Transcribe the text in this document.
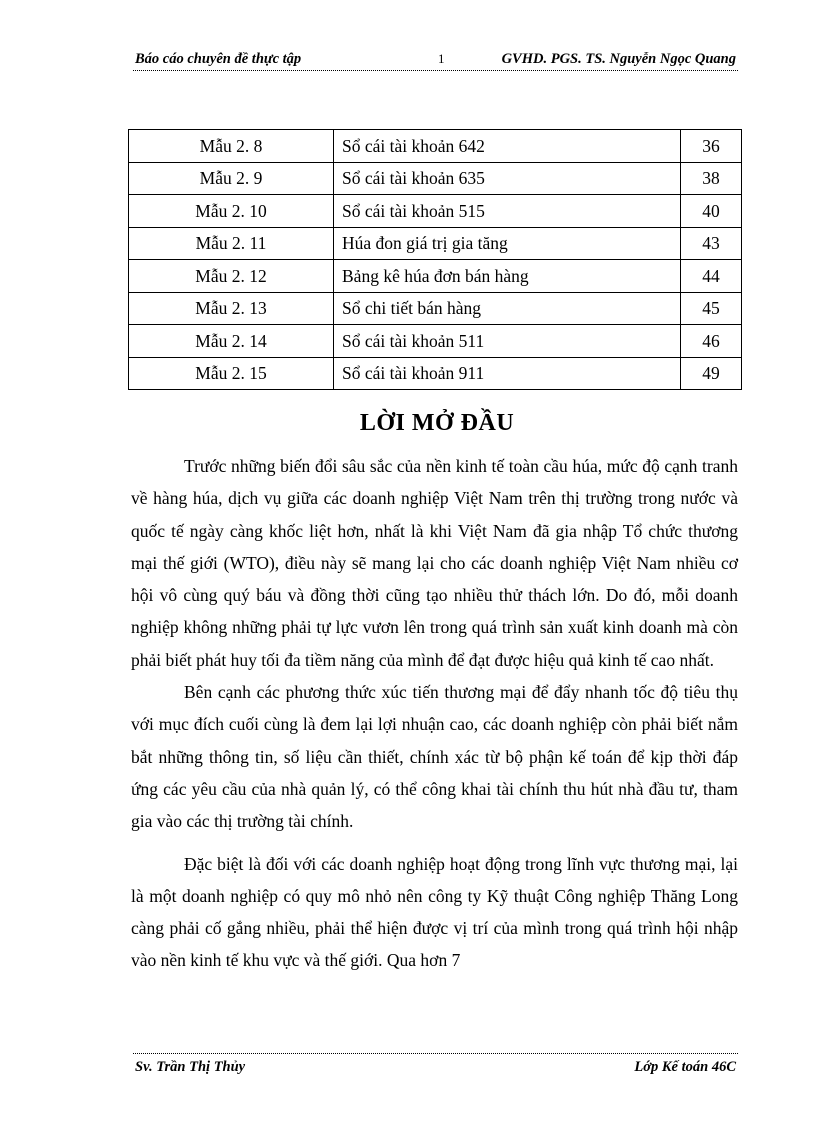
Báo cáo chuyên đề thực tập	1	GVHD. PGS. TS. Nguyễn Ngọc Quang
Mẫu 2. 8	Sổ cái tài khoản 642	36
Mẫu 2. 9	Sổ cái tài khoản 635	38
Mẫu 2. 10	Sổ cái tài khoản 515	40
Mẫu 2. 11	Húa đon giá trị gia tăng	43
Mẫu 2. 12	Bảng kê húa đơn bán hàng	44
Mẫu 2. 13	Sổ chi tiết bán hàng	45
Mẫu 2. 14	Sổ cái tài khoản 511	46
Mẫu 2. 15	Sổ cái tài khoản 911	49
LỜI MỞ ĐẦU

Trước những biến đổi sâu sắc của nền kinh tế toàn cầu húa, mức độ cạnh tranh về hàng húa, dịch vụ giữa các doanh nghiệp Việt Nam trên thị trường trong nước và quốc tế ngày càng khốc liệt hơn, nhất là khi Việt Nam đã gia nhập Tổ chức thương mại thế giới (WTO), điều này sẽ mang lại cho các doanh nghiệp Việt Nam nhiều cơ hội vô cùng quý báu và đồng thời cũng tạo nhiều thử thách lớn. Do đó, mỗi doanh nghiệp không những phải tự lực vươn lên trong quá trình sản xuất kinh doanh mà còn phải biết phát huy tối đa tiềm năng của mình để đạt được hiệu quả kinh tế cao nhất.

Bên cạnh các phương thức xúc tiến thương mại để đẩy nhanh tốc độ tiêu thụ với mục đích cuối cùng là đem lại lợi nhuận cao, các doanh nghiệp còn phải biết nắm bắt những thông tin, số liệu cần thiết, chính xác từ bộ phận kế toán để kịp thời đáp ứng các yêu cầu của nhà quản lý, có thể công khai tài chính thu hút nhà đầu tư, tham gia vào các thị trường tài chính.

Đặc biệt là đối với các doanh nghiệp hoạt động trong lĩnh vực thương mại, lại là một doanh nghiệp có quy mô nhỏ nên công ty Kỹ thuật Công nghiệp Thăng Long càng phải cố gắng nhiều, phải thể hiện được vị trí của mình trong quá trình hội nhập vào nền kinh tế khu vực và thế giới. Qua hơn 7

Sv. Trần Thị Thủy	Lớp Kế toán 46C
